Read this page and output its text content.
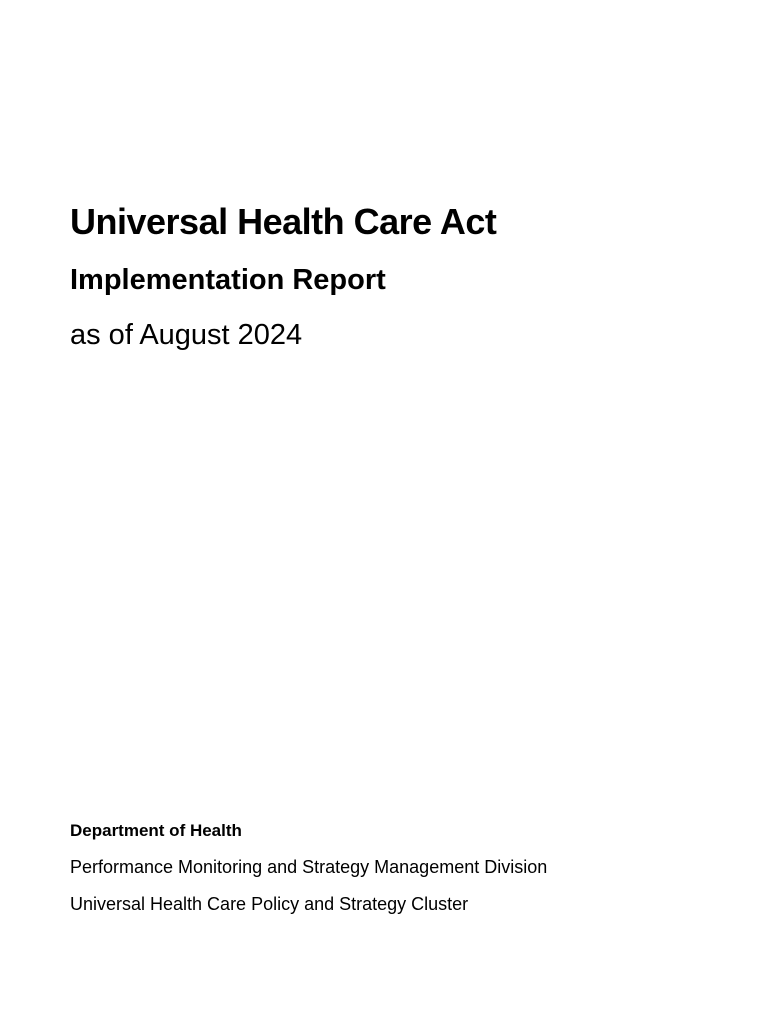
Universal Health Care Act
Implementation Report

as of August 2024

Department of Health

Performance Monitoring and Strategy Management Division

Universal Health Care Policy and Strategy Cluster
